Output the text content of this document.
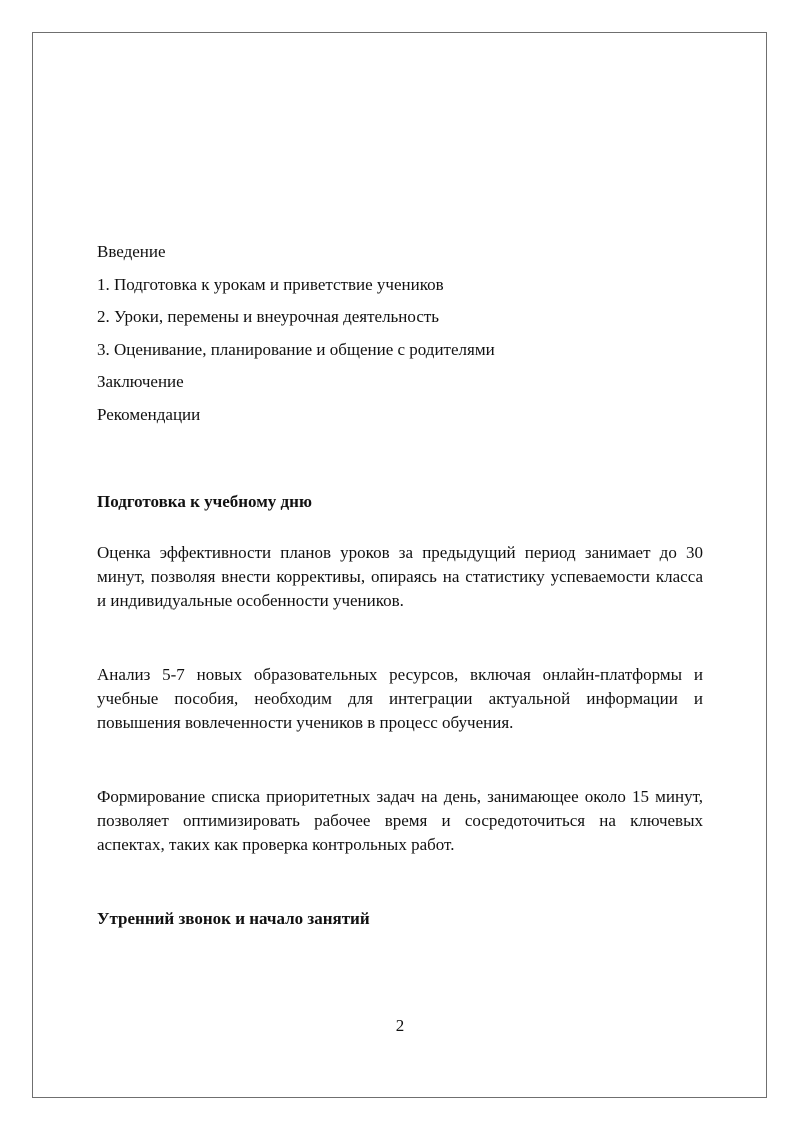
Введение

1. Подготовка к урокам и приветствие учеников

2. Уроки, перемены и внеурочная деятельность

3. Оценивание, планирование и общение с родителями

Заключение

Рекомендации

Подготовка к учебному дню

Оценка эффективности планов уроков за предыдущий период занимает до 30 минут, позволяя внести коррективы, опираясь на статистику успеваемости класса и индивидуальные особенности учеников.

Анализ 5-7 новых образовательных ресурсов, включая онлайн-платформы и учебные пособия, необходим для интеграции актуальной информации и повышения вовлеченности учеников в процесс обучения.

Формирование списка приоритетных задач на день, занимающее около 15 минут, позволяет оптимизировать рабочее время и сосредоточиться на ключевых аспектах, таких как проверка контрольных работ.

Утренний звонок и начало занятий

2
